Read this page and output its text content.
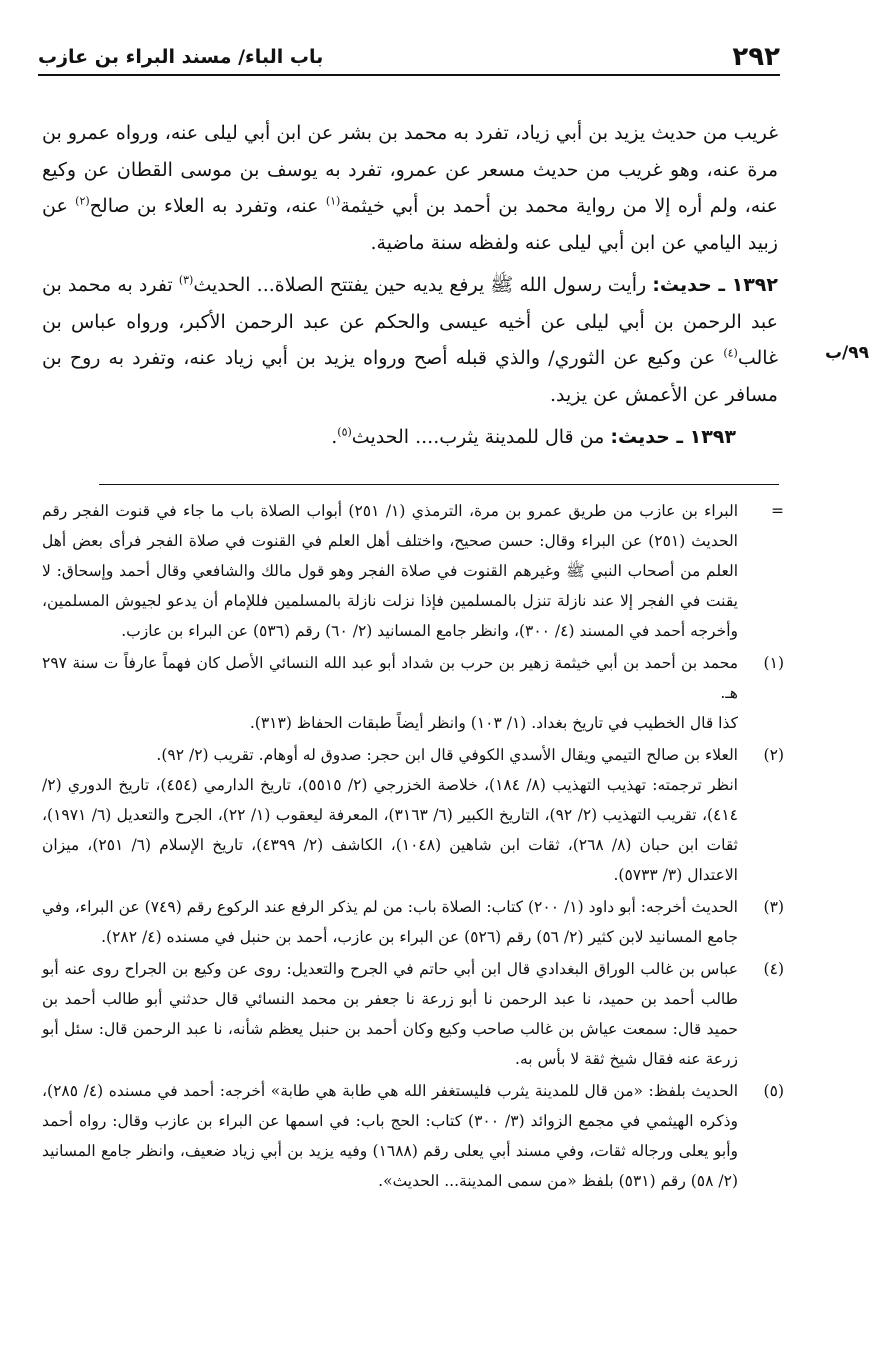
٢٩٢
باب الباء/ مسند البراء بن عازب
٩٩/ب

غريب من حديث يزيد بن أبي زياد، تفرد به محمد بن بشر عن ابن أبي ليلى عنه، ورواه عمرو بن مرة عنه، وهو غريب من حديث مسعر عن عمرو، تفرد به يوسف بن موسى القطان عن وكيع عنه، ولم أره إلا من رواية محمد بن أحمد بن أبي خيثمة$^{(١)}$ عنه، وتفرد به العلاء بن صالح$^{(٢)}$ عن زبيد اليامي عن ابن أبي ليلى عنه ولفظه سنة ماضية.

١٣٩٢ ـ حديث: رأيت رسول الله ﷺ يرفع يديه حين يفتتح الصلاة... الحديث$^{(٣)}$ تفرد به محمد بن عبد الرحمن بن أبي ليلى عن أخيه عيسى والحكم عن عبد الرحمن الأكبر، ورواه عباس بن غالب$^{(٤)}$ عن وكيع عن الثوري/ والذي قبله أصح ورواه يزيد بن أبي زياد عنه، وتفرد به روح بن مسافر عن الأعمش عن يزيد.

١٣٩٣ ـ حديث: من قال للمدينة يثرب.... الحديث$^{(٥)}$.

=

البراء بن عازب من طريق عمرو بن مرة، الترمذي (١/ ٢٥١) أبواب الصلاة باب ما جاء في قنوت الفجر رقم الحديث (٢٥١) عن البراء وقال: حسن صحيح، واختلف أهل العلم في القنوت في صلاة الفجر فرأى بعض أهل العلم من أصحاب النبي ﷺ وغيرهم القنوت في صلاة الفجر وهو قول مالك والشافعي وقال أحمد وإسحاق: لا يقنت في الفجر إلا عند نازلة تنزل بالمسلمين فإذا نزلت نازلة بالمسلمين فللإمام أن يدعو لجيوش المسلمين، وأخرجه أحمد في المسند (٤/ ٣٠٠)، وانظر جامع المسانيد (٢/ ٦٠) رقم (٥٣٦) عن البراء بن عازب.

(١)

محمد بن أحمد بن أبي خيثمة زهير بن حرب بن شداد أبو عبد الله النسائي الأصل كان فهماً عارفاً ت سنة ٢٩٧ هـ.

كذا قال الخطيب في تاريخ بغداد. (١/ ١٠٣) وانظر أيضاً طبقات الحفاظ (٣١٣).

(٢)

العلاء بن صالح التيمي ويقال الأسدي الكوفي قال ابن حجر: صدوق له أوهام. تقريب (٢/ ٩٢).

انظر ترجمته: تهذيب التهذيب (٨/ ١٨٤)، خلاصة الخزرجي (٢/ ٥٥١٥)، تاريخ الدارمي (٤٥٤)، تاريخ الدوري (٢/ ٤١٤)، تقريب التهذيب (٢/ ٩٢)، التاريخ الكبير (٦/ ٣١٦٣)، المعرفة ليعقوب (١/ ٢٢)، الجرح والتعديل (٦/ ١٩٧١)، ثقات ابن حبان (٨/ ٢٦٨)، ثقات ابن شاهين (١٠٤٨)، الكاشف (٢/ ٤٣٩٩)، تاريخ الإسلام (٦/ ٢٥١)، ميزان الاعتدال (٣/ ٥٧٣٣).

(٣)

الحديث أخرجه: أبو داود (١/ ٢٠٠) كتاب: الصلاة باب: من لم يذكر الرفع عند الركوع رقم (٧٤٩) عن البراء، وفي جامع المسانيد لابن كثير (٢/ ٥٦) رقم (٥٢٦) عن البراء بن عازب، أحمد بن حنبل في مسنده (٤/ ٢٨٢).

(٤)

عباس بن غالب الوراق البغدادي قال ابن أبي حاتم في الجرح والتعديل: روى عن وكيع بن الجراح روى عنه أبو طالب أحمد بن حميد، نا عبد الرحمن نا أبو زرعة نا جعفر بن محمد النسائي قال حدثني أبو طالب أحمد بن حميد قال: سمعت عياش بن غالب صاحب وكيع وكان أحمد بن حنبل يعظم شأنه، نا عبد الرحمن قال: سئل أبو زرعة عنه فقال شيخ ثقة لا بأس به.

(٥)

الحديث بلفظ: «من قال للمدينة يثرب فليستغفر الله هي طابة هي طابة» أخرجه: أحمد في مسنده (٤/ ٢٨٥)، وذكره الهيثمي في مجمع الزوائد (٣/ ٣٠٠) كتاب: الحج باب: في اسمها عن البراء بن عازب وقال: رواه أحمد وأبو يعلى ورجاله ثقات، وفي مسند أبي يعلى رقم (١٦٨٨) وفيه يزيد بن أبي زياد ضعيف، وانظر جامع المسانيد (٢/ ٥٨) رقم (٥٣١) بلفظ «من سمى المدينة... الحديث».
